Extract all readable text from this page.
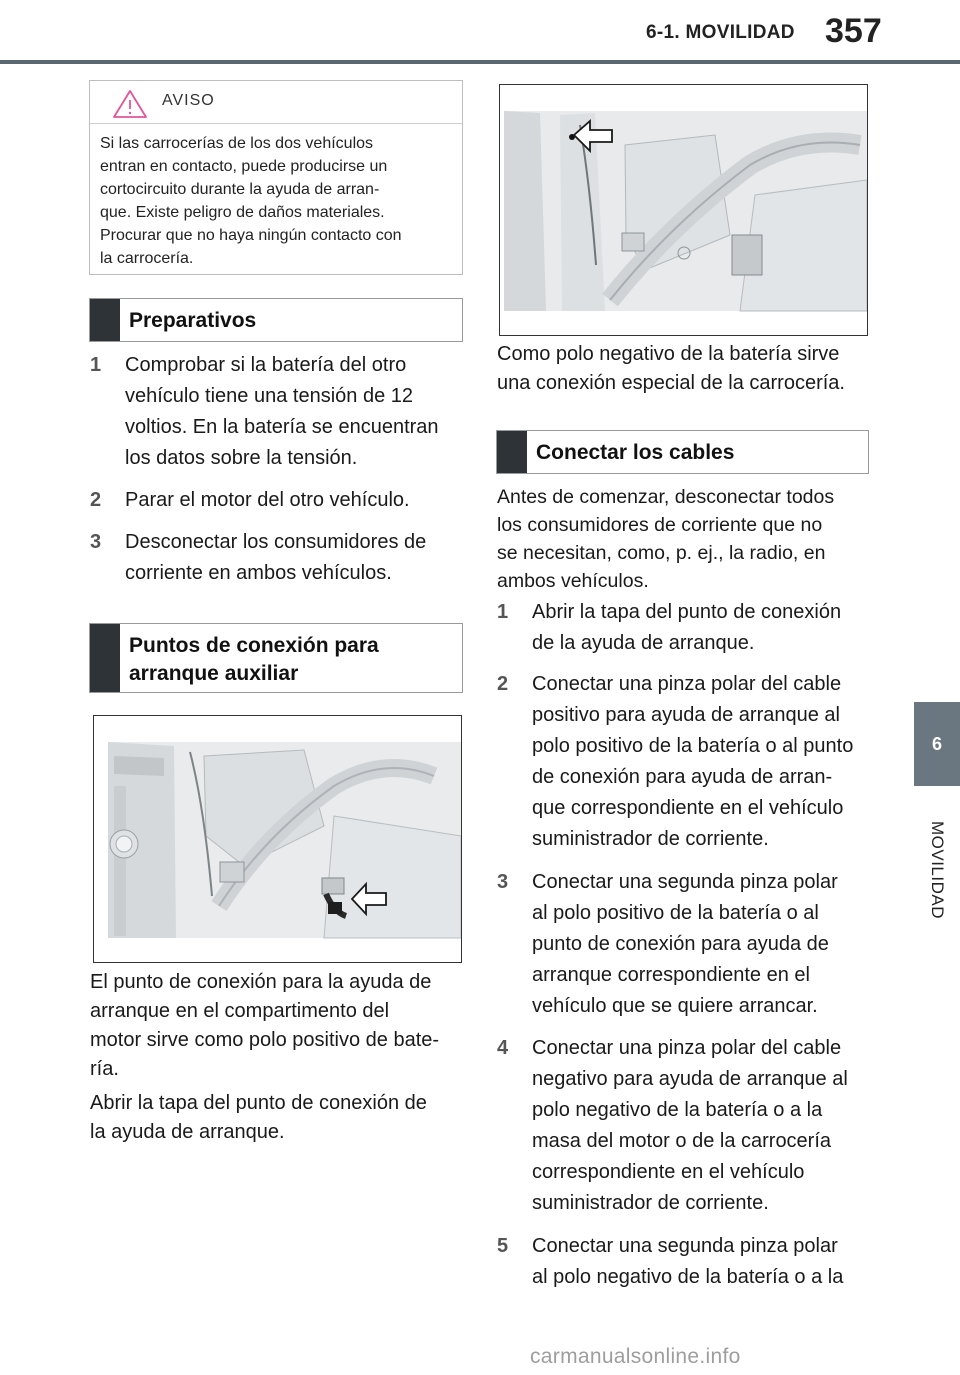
6-1. MOVILIDAD 357
6
MOVILIDAD
AVISO
Si las carrocerías de los dos vehículos
entran en contacto, puede producirse un
cortocircuito durante la ayuda de arran-
que. Existe peligro de daños materiales.
Procurar que no haya ningún contacto con
la carrocería.
Preparativos
1 Comprobar si la batería del otro
vehículo tiene una tensión de 12
voltios. En la batería se encuentran
los datos sobre la tensión.
2 Parar el motor del otro vehículo.
3 Desconectar los consumidores de
corriente en ambos vehículos.
Puntos de conexión para
arranque auxiliar
El punto de conexión para la ayuda de
arranque en el compartimento del
motor sirve como polo positivo de bate-
ría.
Abrir la tapa del punto de conexión de
la ayuda de arranque.
Como polo negativo de la batería sirve
una conexión especial de la carrocería.
Conectar los cables
Antes de comenzar, desconectar todos
los consumidores de corriente que no
se necesitan, como, p. ej., la radio, en
ambos vehículos.
1 Abrir la tapa del punto de conexión
de la ayuda de arranque.
2 Conectar una pinza polar del cable
positivo para ayuda de arranque al
polo positivo de la batería o al punto
de conexión para ayuda de arran-
que correspondiente en el vehículo
suministrador de corriente.
3 Conectar una segunda pinza polar
al polo positivo de la batería o al
punto de conexión para ayuda de
arranque correspondiente en el
vehículo que se quiere arrancar.
4 Conectar una pinza polar del cable
negativo para ayuda de arranque al
polo negativo de la batería o a la
masa del motor o de la carrocería
correspondiente en el vehículo
suministrador de corriente.
5 Conectar una segunda pinza polar
al polo negativo de la batería o a la
carmanualsonline.info
